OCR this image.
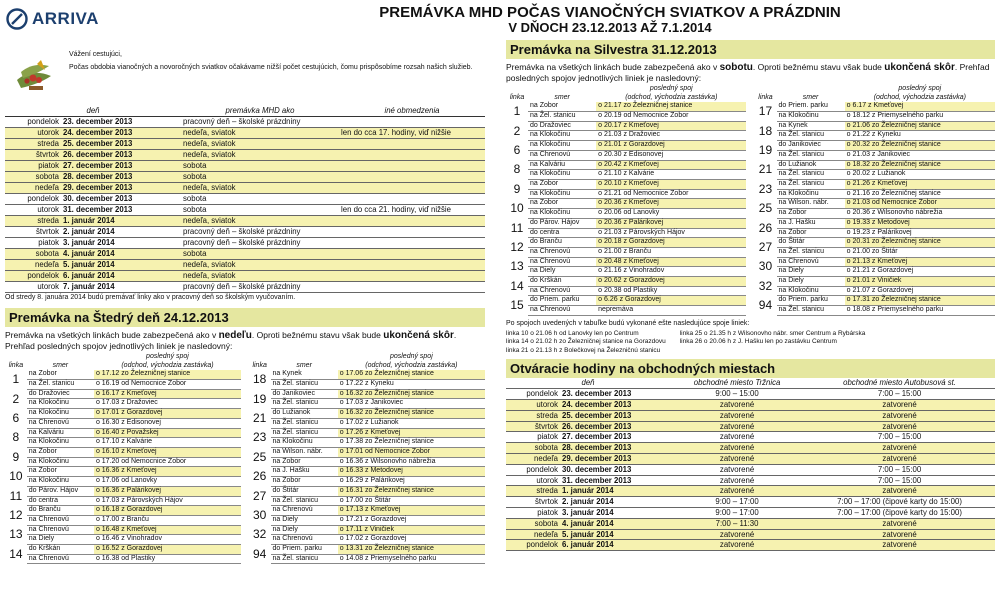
ARRIVA	PREMÁVKA MHD POČAS VIANOČNÝCH SVIATKOV A PRÁZDNIN
V DŇOCH 23.12.2013 AŽ 7.1.2014

Vážení cestujúci,

Počas obdobia vianočných a novoročných sviatkov očakávame nižší počet cestujúcich, čomu prispôsobíme rozsah našich služieb.

deň		premávka MHD ako	iné obmedzenia
pondelok	23. december 2013	pracovný deň – školské prázdniny	
utorok	24. december 2013	nedeľa, sviatok	len do cca 17. hodiny, viď nižšie
streda	25. december 2013	nedeľa, sviatok	
štvrtok	26. december 2013	nedeľa, sviatok	
piatok	27. december 2013	sobota	
sobota	28. december 2013	sobota	
nedeľa	29. december 2013	nedeľa, sviatok	
pondelok	30. december 2013	sobota	
utorok	31. december 2013	sobota	len do cca 21. hodiny, viď nižšie
streda	1. január 2014	nedeľa, sviatok	
štvrtok	2. január 2014	pracovný deň – školské prázdniny	
piatok	3. január 2014	pracovný deň – školské prázdniny	
sobota	4. január 2014	sobota	
nedeľa	5. január 2014	nedeľa, sviatok	
pondelok	6. január 2014	nedeľa, sviatok	
utorok	7. január 2014	pracovný deň – školské prázdniny	
Od stredy 8. januára 2014 budú premávať linky ako v pracovný deň so školským vyučovaním.
Premávka na Štedrý deň 24.12.2013
Premávka na všetkých linkách bude zabezpečená ako v nedeľu. Oproti bežnému stavu však bude ukončená skôr. Prehľad posledných spojov jednotlivých liniek je nasledovný:
		posledný spoj				posledný spoj
linka	smer	(odchod, východzia zastávka)		linka	smer	(odchod, východzia zastávka)
1	na Zobor	o 17.12 zo Železničnej stanice		18	na Kynek	o 17.06 zo Železničnej stanice
	na Žel. stanicu	o 16.19 od Nemocnice Zobor			na Žel. stanicu	o 17.22 z Kyneku
2	do Dražoviec	o 16.17 z Kmeťovej		19	do Janikoviec	o 16.32 zo Železničnej stanice
	na Klokočinu	o 17.03 z Dražoviec			na Žel. stanicu	o 17.03 z Janikoviec
6	na Klokočinu	o 17.01 z Gorazdovej		21	do Lužianok	o 16.32 zo Železničnej stanice
	na Chrenovú	o 16.30 z Edisonovej			na Žel. stanicu	o 17.02 z Lužianok
8	na Kalváriu	o 16.40 z Považskej		23	na Žel. stanicu	o 17.26 z Kmeťovej
	na Klokočinu	o 17.10 z Kalvárie			na Klokočinu	o 17.38 zo Železničnej stanice
9	na Zobor	o 16.10 z Kmeťovej		25	na Wilson. nábr.	o 17.01 od Nemocnice Zobor
	na Klokočinu	o 17.20 od Nemocnice Zobor			na Zobor	o 16.36 z Wilsonovho nábrežia
10	na Zobor	o 16.36 z Kmeťovej		26	na J. Hašku	o 16.33 z Metodovej
	na Klokočinu	o 17.06 od Lanovky			na Zobor	o 16.29 z Palárikovej
11	do Párov. Hájov	o 16.36 z Palárikovej		27	do Štitár	o 16.31 zo Železničnej stanice
	do centra	o 17.03 z Párovských Hájov			na Žel. stanicu	o 17.00 zo Štitár
12	do Branču	o 16.18 z Gorazdovej		30	na Chrenovú	o 17.13 z Kmeťovej
	na Chrenovú	o 17.00 z Branču			na Diely	o 17.21 z Gorazdovej
13	na Chrenovú	o 16.48 z Kmeťovej		32	na Diely	o 17.11 z Viničiek
	na Diely	o 16.46 z Vinohradov			na Chrenovú	o 17.02 z Gorazdovej
14	do Krškán	o 16.52 z Gorazdovej		94	do Priem. parku	o 13.31 zo Železničnej stanice
	na Chrenovú	o 16.38 od Plastiky			na Žel. stanicu	o 14.08 z Priemyselného parku
Premávka na Silvestra 31.12.2013
Premávka na všetkých linkách bude zabezpečená ako v sobotu. Oproti bežnému stavu však bude ukončená skôr. Prehľad posledných spojov jednotlivých liniek je nasledovný:
		posledný spoj				posledný spoj
linka	smer	(odchod, východzia zastávka)		linka	smer	(odchod, východzia zastávka)
1	na Zobor	o 21.17 zo Železničnej stanice		17	do Priem. parku	o 6.17 z Kmeťovej
	na Žel. stanicu	o 20.19 od Nemocnice Zobor			na Klokočinu	o 18.12 z Priemyselného parku
2	do Dražoviec	o 20.17 z Kmeťovej		18	na Kynek	o 21.06 zo Železničnej stanice
	na Klokočinu	o 21.03 z Dražoviec			na Žel. stanicu	o 21.22 z Kyneku
6	na Klokočinu	o 21.01 z Gorazdovej		19	do Janikoviec	o 20.32 zo Železničnej stanice
	na Chrenovú	o 20.30 z Edisonovej			na Žel. stanicu	o 21.03 z Janikoviec
8	na Kalváriu	o 20.42 z Kmeťovej		21	do Lužianok	o 18.32 zo Železničnej stanice
	na Klokočinu	o 21.10 z Kalvárie			na Žel. stanicu	o 20.02 z Lužianok
9	na Zobor	o 20.10 z Kmeťovej		23	na Žel. stanicu	o 21.26 z Kmeťovej
	na Klokočinu	o 21.21 od Nemocnice Zobor			na Klokočinu	o 21.16 zo Železničnej stanice
10	na Zobor	o 20.36 z Kmeťovej		25	na Wilson. nábr.	o 21.03 od Nemocnice Zobor
	na Klokočinu	o 20.06 od Lanovky			na Zobor	o 20.36 z Wilsonovho nábrežia
11	do Párov. Hájov	o 20.36 z Palárikovej		26	na J. Hašku	o 19.33 z Metodovej
	do centra	o 21.03 z Párovských Hájov			na Zobor	o 19.23 z Palárikovej
12	do Branču	o 20.18 z Gorazdovej		27	do Štitár	o 20.31 zo Železničnej stanice
	na Chrenovú	o 21.00 z Branču			na Žel. stanicu	o 21.00 zo Štitár
13	na Chrenovú	o 20.48 z Kmeťovej		30	na Chrenovú	o 21.13 z Kmeťovej
	na Diely	o 21.16 z Vinohradov			na Diely	o 21.21 z Gorazdovej
14	do Krškán	o 20.62 z Gorazdovej		32	na Diely	o 21.01 z Viničiek
	na Chrenovú	o 20.38 od Plastiky			na Klokočinu	o 21.07 z Gorazdovej
15	do Priem. parku	o 6.26 z Gorazdovej		94	do Priem. parku	o 17.31 zo Železničnej stanice
	na Chrenovú	nepremáva			na Žel. stanicu	o 18.08 z Priemyselného parku
Po spojoch uvedených v tabuľke budú vykonané ešte nasledujúce spoje liniek:
linka 10 o 21.06 h od Lanovky len po Centrum
linka 14 o 21.02 h zo Železničnej stanice na Gorazdovu
linka 21 o 21.13 h z Bolečkovej na Železničnú stanicu
linka 25 o 21.35 h z Wilsonovho nábr. smer Centrum a Rybárska
linka 26 o 20.06 h z J. Hašku len po zastávku Centrum
Otváracie hodiny na obchodných miestach
deň		obchodné miesto Tržnica	obchodné miesto Autobusová st.
pondelok	23. december 2013	9:00 – 15:00	7:00 – 15:00
utorok	24. december 2013	zatvorené	zatvorené
streda	25. december 2013	zatvorené	zatvorené
štvrtok	26. december 2013	zatvorené	zatvorené
piatok	27. december 2013	zatvorené	7:00 – 15:00
sobota	28. december 2013	zatvorené	zatvorené
nedeľa	29. december 2013	zatvorené	zatvorené
pondelok	30. december 2013	zatvorené	7:00 – 15:00
utorok	31. december 2013	zatvorené	7:00 – 15:00
streda	1. január 2014	zatvorené	zatvorené
štvrtok	2. január 2014	9:00 – 17:00	7:00 – 17:00 (čipové karty do 15:00)
piatok	3. január 2014	9:00 – 17:00	7:00 – 17:00 (čipové karty do 15:00)
sobota	4. január 2014	7:00 – 11:30	zatvorené
nedeľa	5. január 2014	zatvorené	zatvorené
pondelok	6. január 2014	zatvorené	zatvorené
